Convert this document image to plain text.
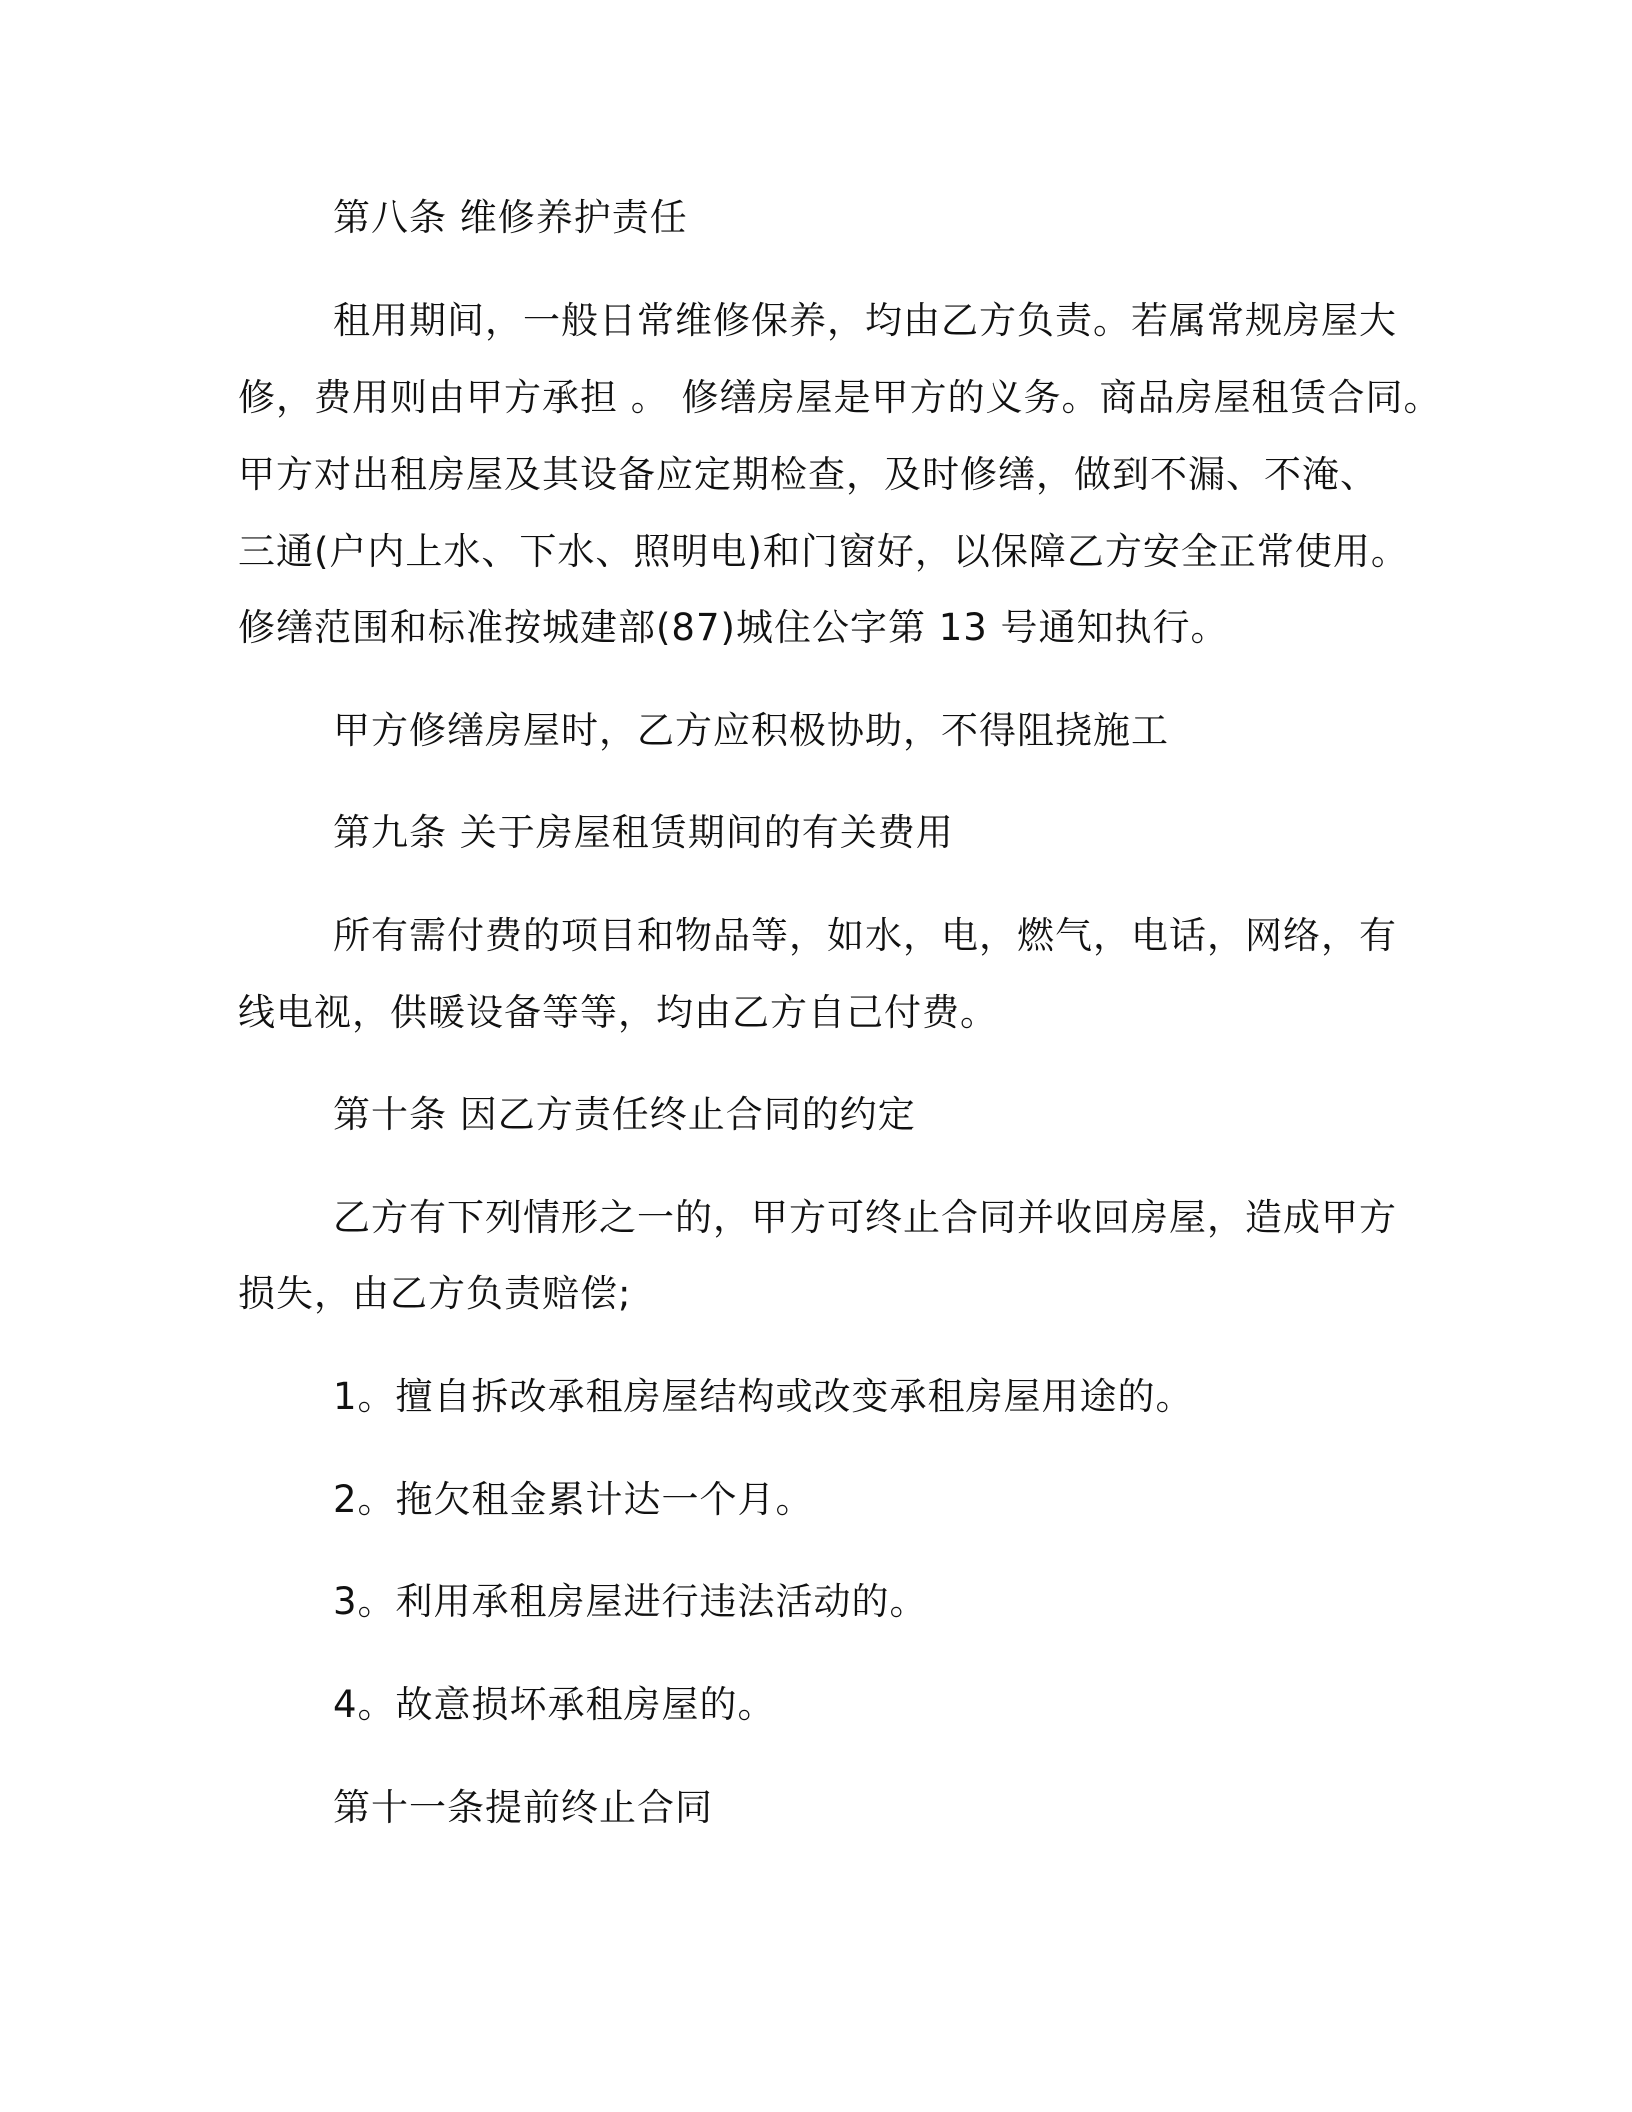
第八条 维修养护责任
租用期间，一般日常维修保养，均由乙方负责。若属常规房屋大
修，费用则由甲方承担 。 修缮房屋是甲方的义务。商品房屋租赁合同。
甲方对出租房屋及其设备应定期检查，及时修缮，做到不漏、不淹、
三通(户内上水、下水、照明电)和门窗好，以保障乙方安全正常使用。
修缮范围和标准按城建部(87)城住公字第 13 号通知执行。
甲方修缮房屋时，乙方应积极协助，不得阻挠施工
第九条 关于房屋租赁期间的有关费用
所有需付费的项目和物品等，如水，电，燃气，电话，网络，有
线电视，供暖设备等等，均由乙方自己付费。
第十条 因乙方责任终止合同的约定
乙方有下列情形之一的，甲方可终止合同并收回房屋，造成甲方
损失，由乙方负责赔偿;
1。擅自拆改承租房屋结构或改变承租房屋用途的。
2。拖欠租金累计达一个月。
3。利用承租房屋进行违法活动的。
4。故意损坏承租房屋的。
第十一条提前终止合同
